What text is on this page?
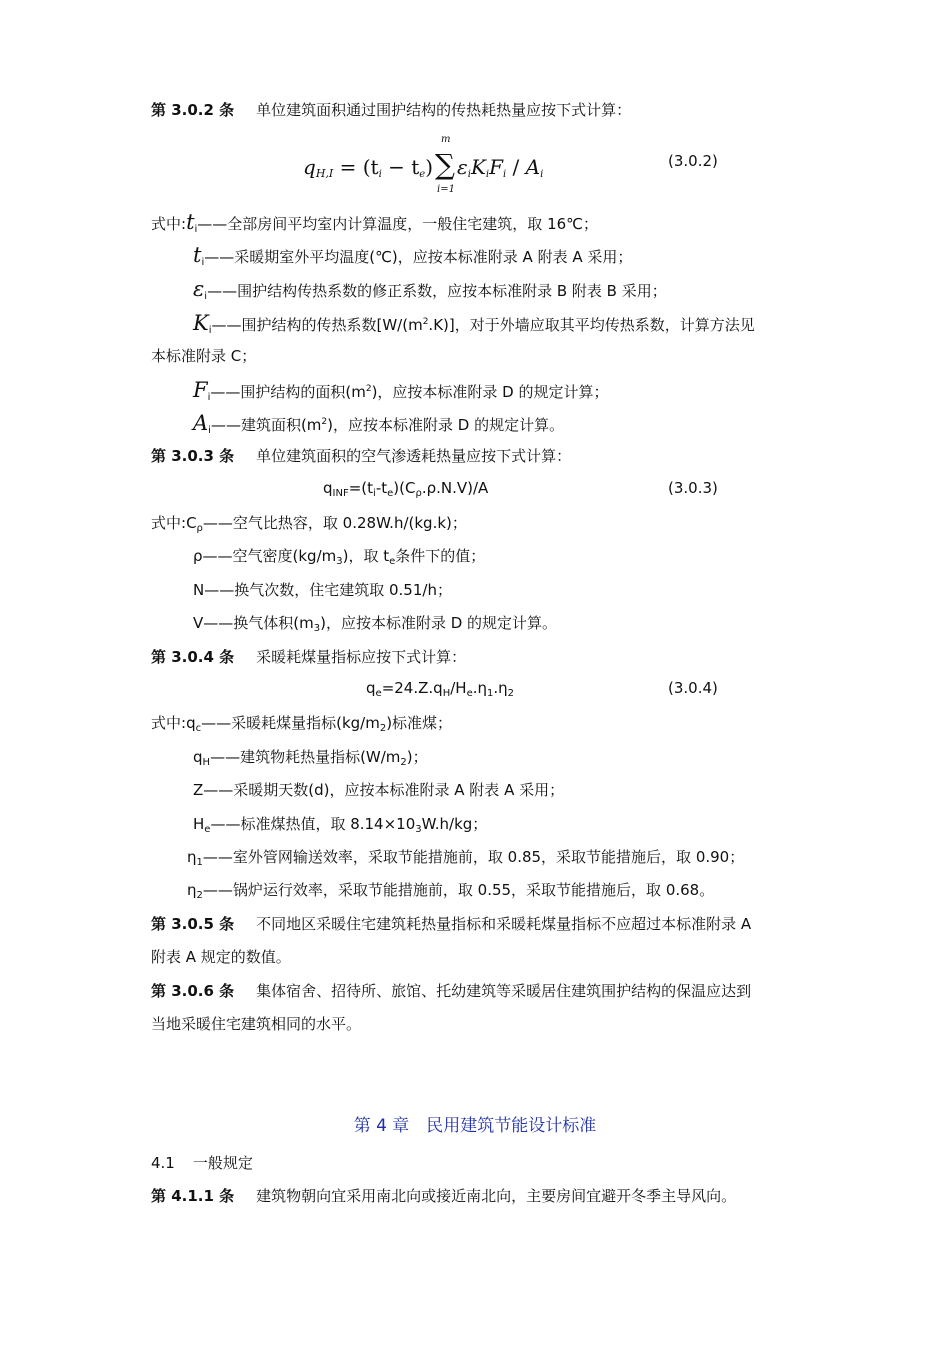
第 3.0.2 条 单位建筑面积通过围护结构的传热耗热量应按下式计算：
$q_{H,I} = (t_i - t_e)$
m
∑
i=1
$\varepsilon_iK_iF_i / A_i$
(3.0.2)
式中$:t_i——$全部房间平均室内计算温度，一般住宅建筑，取 16℃；
$t_i——$采暖期室外平均温度(℃)，应按本标准附录 A 附表 A 采用；
$\varepsilon_i——$围护结构传热系数的修正系数，应按本标准附录 B 附表 B 采用；
$K_i——$围护结构的传热系数$[W/(m^2.K)]$，对于外墙应取其平均传热系数，计算方法见
本标准附录 C；
$F_i——$围护结构的面积$(m^2)$，应按本标准附录 D 的规定计算；
$A_i——$建筑面积$(m^2)$，应按本标准附录 D 的规定计算。
第 3.0.3 条 单位建筑面积的空气渗透耗热量应按下式计算：
$q_{INF}=(t_i-t_e)(C_\rho.\rho.N.V)/A$	(3.0.3)
式中$:C_\rho——$空气比热容，取 0.28W.h/(kg.k)；
ρ——空气密度$(kg/m_3)$，取 $t_e$条件下的值；
N——换气次数，住宅建筑取 0.51/h；
V——换气体积$(m_3)$，应按本标准附录 D 的规定计算。
第 3.0.4 条 采暖耗煤量指标应按下式计算：
$q_e=24.Z.q_H/H_e.\eta_1.\eta_2$	(3.0.4)
式中$:q_c——$采暖耗煤量指标$(kg/m_2)$标准煤；
$q_H——$建筑物耗热量指标$(W/m_2)$；
Z——采暖期天数(d)，应按本标准附录 A 附表 A 采用；
$H_e——$标准煤热值，取 $8.14\times 10_3W.h/kg$；
$\eta_1——$室外管网输送效率，采取节能措施前，取 0.85，采取节能措施后，取 0.90；
$\eta_2——$锅炉运行效率，采取节能措施前，取 0.55，采取节能措施后，取 0.68。
第 3.0.5 条 不同地区采暖住宅建筑耗热量指标和采暖耗煤量指标不应超过本标准附录 A
附表 A 规定的数值。
第 3.0.6 条 集体宿舍、招待所、旅馆、托幼建筑等采暖居住建筑围护结构的保温应达到
当地采暖住宅建筑相同的水平。
第 4 章　民用建筑节能设计标准
4.1 一般规定
第 4.1.1 条 建筑物朝向宜采用南北向或接近南北向，主要房间宜避开冬季主导风向。
